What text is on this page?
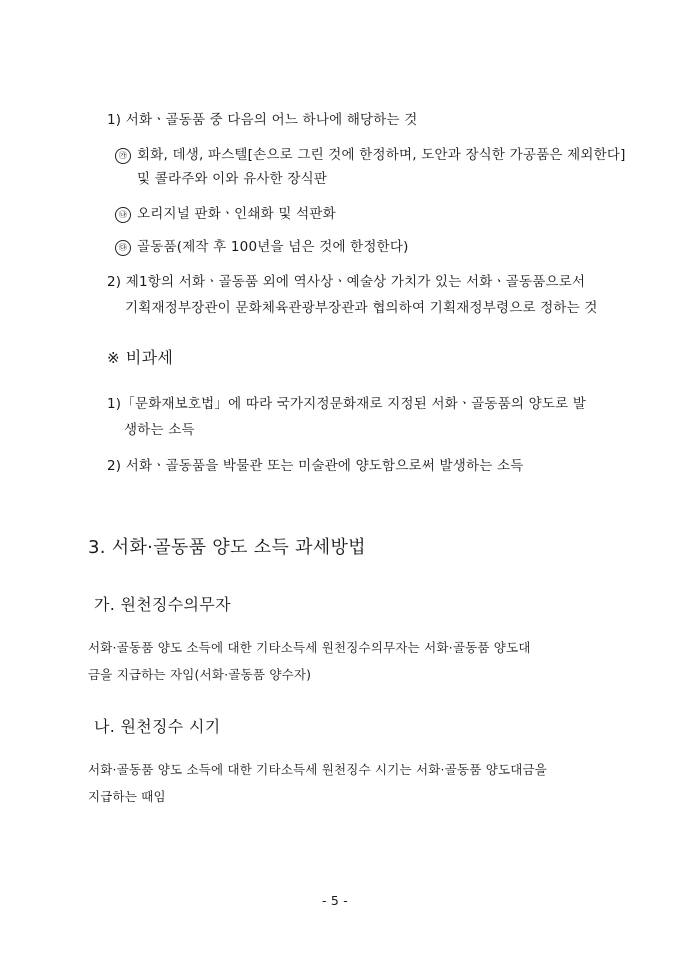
1) 서화ㆍ골동품 중 다음의 어느 하나에 해당하는 것
㉮ 회화, 데생, 파스텔[손으로 그린 것에 한정하며, 도안과 장식한 가공품은 제외한다]
및 콜라주와 이와 유사한 장식판
㉯ 오리지널 판화ㆍ인쇄화 및 석판화
㉰ 골동품(제작 후 100년을 넘은 것에 한정한다)
2) 제1항의 서화ㆍ골동품 외에 역사상ㆍ예술상 가치가 있는 서화ㆍ골동품으로서
기획재정부장관이 문화체육관광부장관과 협의하여 기획재정부령으로 정하는 것
※ 비과세
1)「문화재보호법」에 따라 국가지정문화재로 지정된 서화ㆍ골동품의 양도로 발
생하는 소득
2) 서화ㆍ골동품을 박물관 또는 미술관에 양도함으로써 발생하는 소득
3. 서화·골동품 양도 소득 과세방법
가. 원천징수의무자
서화·골동품 양도 소득에 대한 기타소득세 원천징수의무자는 서화·골동품 양도대
금을 지급하는 자임(서화·골동품 양수자)
나. 원천징수 시기
서화·골동품 양도 소득에 대한 기타소득세 원천징수 시기는 서화·골동품 양도대금을
지급하는 때임
- 5 -
